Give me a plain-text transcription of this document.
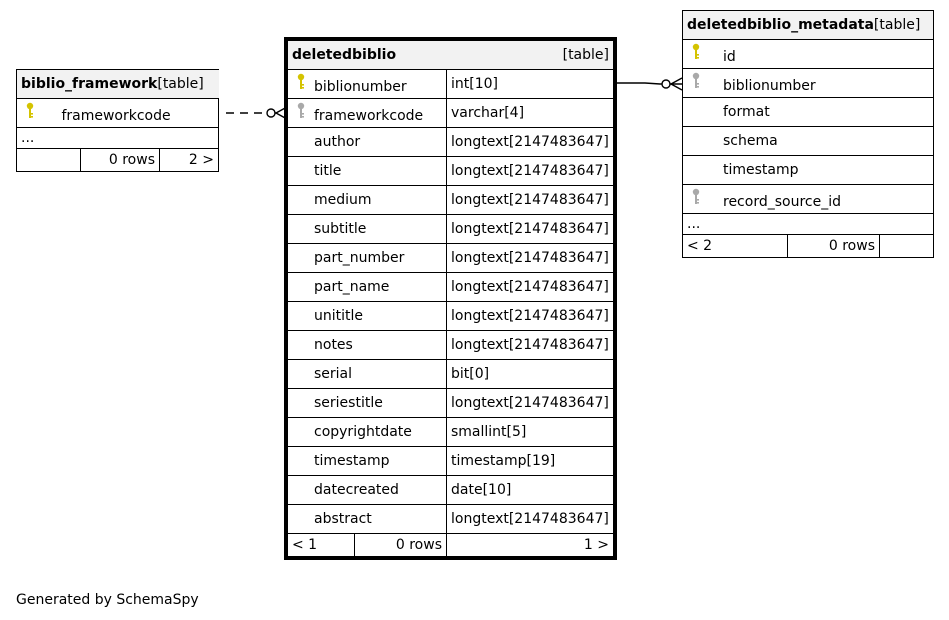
biblio_framework[table]
frameworkcode
...

0 rows	2 >
deletedbiblio	[table]
biblionumber	int[10]
frameworkcode	varchar[4]
author	longtext[2147483647]
title	longtext[2147483647]
medium	longtext[2147483647]
subtitle	longtext[2147483647]
part_number	longtext[2147483647]
part_name	longtext[2147483647]
unititle	longtext[2147483647]
notes	longtext[2147483647]
serial	bit[0]
seriestitle	longtext[2147483647]
copyrightdate	smallint[5]
timestamp	timestamp[19]
datecreated	date[10]
abstract	longtext[2147483647]

< 1 0 rows	1 >
deletedbiblio_metadata[table]
id
biblionumber
format
schema
timestamp
record_source_id
...

< 2	0 rows
Generated by SchemaSpy
